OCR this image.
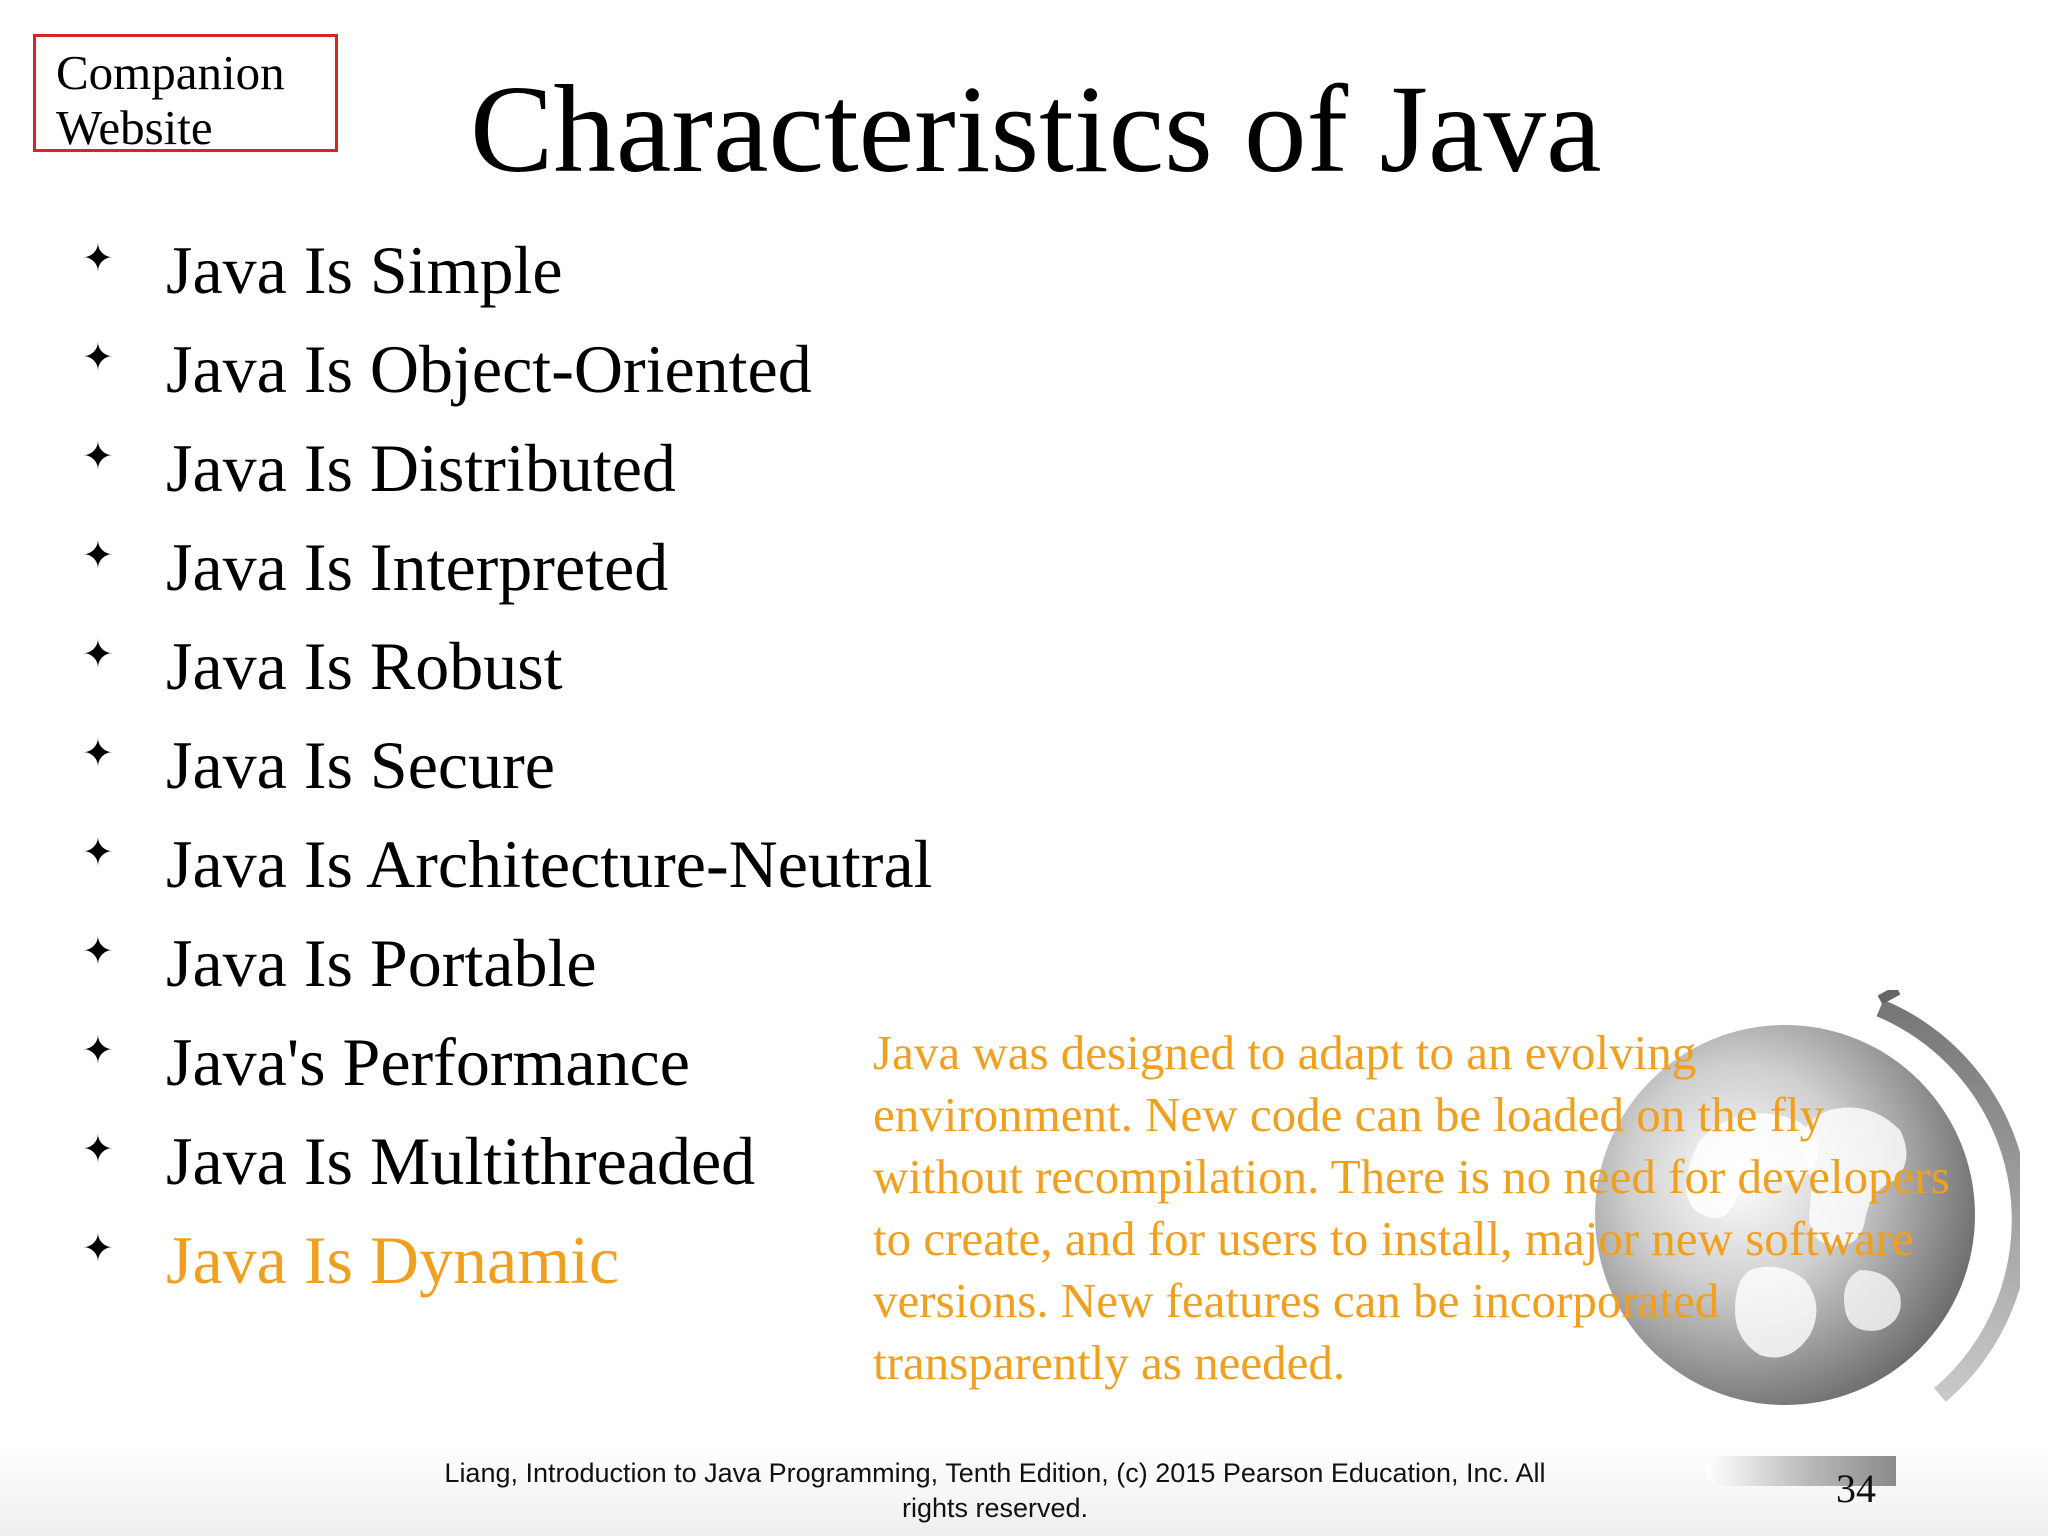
Companion
Website	Characteristics of Java
✦ Java Is Simple
✦ Java Is Object-Oriented
✦ Java Is Distributed
✦ Java Is Interpreted
✦ Java Is Robust
✦ Java Is Secure
✦ Java Is Architecture-Neutral
✦ Java Is Portable
✦ Java's Performance
✦ Java Is Multithreaded
✦ Java Is Dynamic
Java was designed to adapt to an evolving environment. New code can be loaded on the fly without recompilation. There is no need for developers to create, and for users to install, major new software versions. New features can be incorporated transparently as needed.
Liang, Introduction to Java Programming, Tenth Edition, (c) 2015 Pearson Education, Inc. All
rights reserved.	34
